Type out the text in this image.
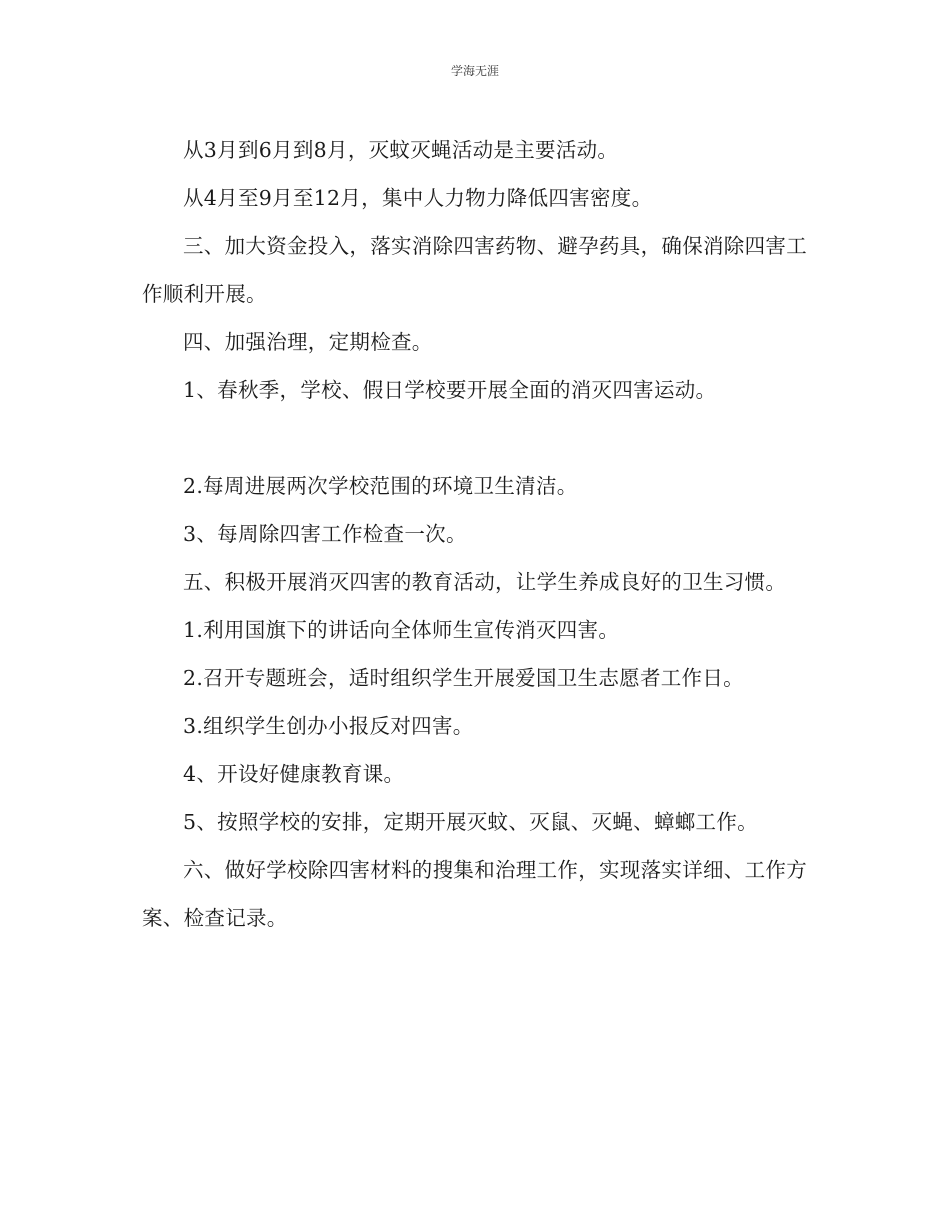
学海无涯

从3月到6月到8月，灭蚊灭蝇活动是主要活动。

从4月至9月至12月，集中人力物力降低四害密度。

三、加大资金投入，落实消除四害药物、避孕药具，确保消除四害工作顺利开展。

四、加强治理，定期检查。

1、春秋季，学校、假日学校要开展全面的消灭四害运动。

2.每周进展两次学校范围的环境卫生清洁。

3、每周除四害工作检查一次。

五、积极开展消灭四害的教育活动，让学生养成良好的卫生习惯。

1.利用国旗下的讲话向全体师生宣传消灭四害。

2.召开专题班会，适时组织学生开展爱国卫生志愿者工作日。

3.组织学生创办小报反对四害。

4、开设好健康教育课。

5、按照学校的安排，定期开展灭蚊、灭鼠、灭蝇、蟑螂工作。

六、做好学校除四害材料的搜集和治理工作，实现落实详细、工作方案、检查记录。
